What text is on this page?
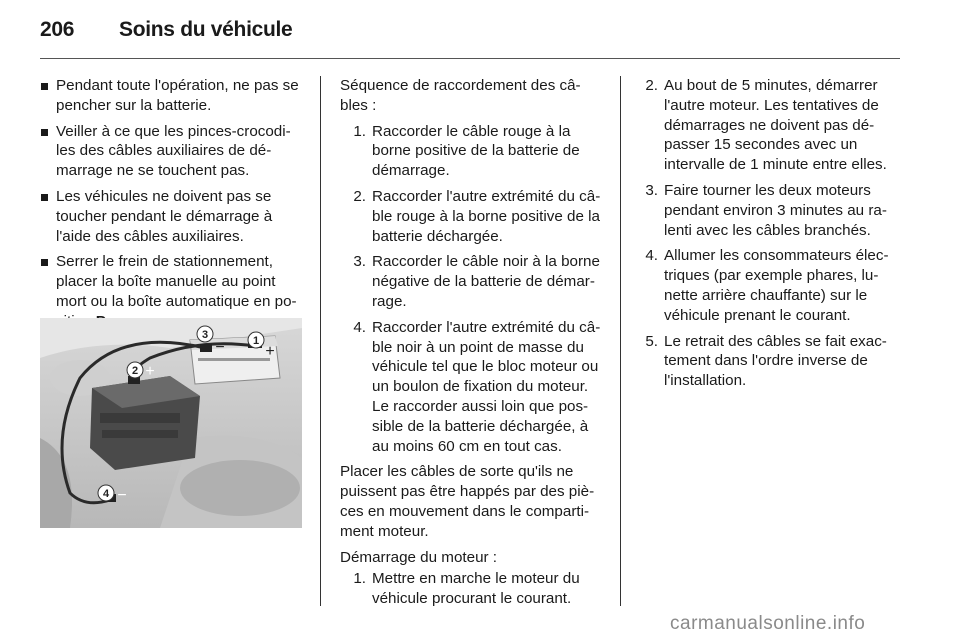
206 Soins du véhicule
Pendant toute l'opération, ne pas se pencher sur la batterie.
Veiller à ce que les pinces-crocodi-les des câbles auxiliaires de dé-marrage ne se touchent pas.
Les véhicules ne doivent pas se toucher pendant le démarrage à l'aide des câbles auxiliaires.
Serrer le frein de stationnement, placer la boîte manuelle au point mort ou la boîte automatique en po-
1
+
2 +
3
−
4 −
Séquence de raccordement des câ-bles :
1. Raccorder le câble rouge à la borne positive de la batterie de démarrage.
2. Raccorder l'autre extrémité du câ-ble rouge à la borne positive de la batterie déchargée.
3. Raccorder le câble noir à la borne négative de la batterie de démar-rage.
4. Raccorder l'autre extrémité du câ-ble noir à un point de masse du véhicule tel que le bloc moteur ou un boulon de fixation du moteur. Le raccorder aussi loin que pos-sible de la batterie déchargée, à au moins 60 cm en tout cas.
Placer les câbles de sorte qu'ils ne puissent pas être happés par des piè-ces en mouvement dans le comparti-ment moteur.
Démarrage du moteur :
1. Mettre en marche le moteur du véhicule procurant le courant.
2. Au bout de 5 minutes, démarrer l'autre moteur. Les tentatives de démarrages ne doivent pas dé-passer 15 secondes avec un intervalle de 1 minute entre elles.
3. Faire tourner les deux moteurs pendant environ 3 minutes au ra-lenti avec les câbles branchés.
4. Allumer les consommateurs élec-triques (par exemple phares, lu-nette arrière chauffante) sur le véhicule prenant le courant.
5. Le retrait des câbles se fait exac-tement dans l'ordre inverse de l'installation.
carmanualsonline.info
